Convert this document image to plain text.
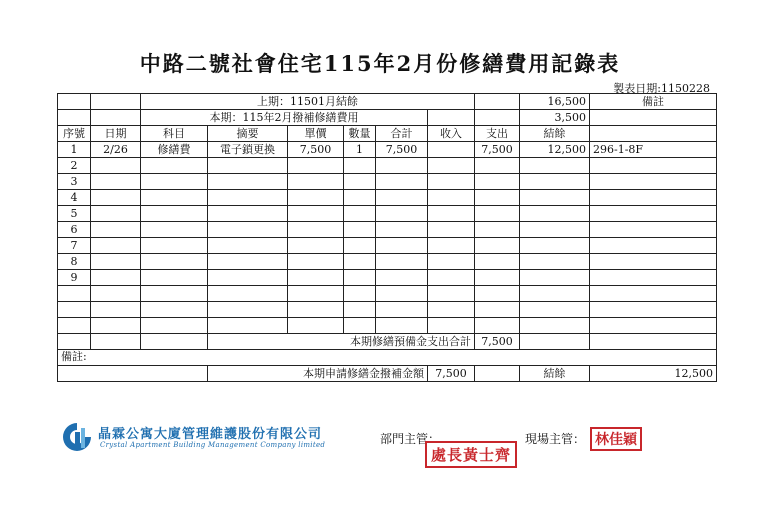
中路二號社會住宅115年2月份修繕費用記錄表
製表日期:1150228
		上期：11501月結餘							16,500	備註
		本期：115年2月撥補修繕費用							3,500	
序號	日期	科目	摘要	單價	數量	合計	收入	支出	結餘	
1	2/26	修繕費	電子鎖更換	7,500	1	7,500		7,500	12,500	296-1-8F
2										
3										
4										
5										
6										
7										
8										
9										

			本期修繕預備金支出合計					7,500		
備註:										
			本期申請修繕金撥補金額				7,500		結餘	12,500
晶霖公寓大廈管理維護股份有限公司
Crystal Apartment Building Management Company limited	部門主管：
處長黃士齊
現場主管： 林佳穎
